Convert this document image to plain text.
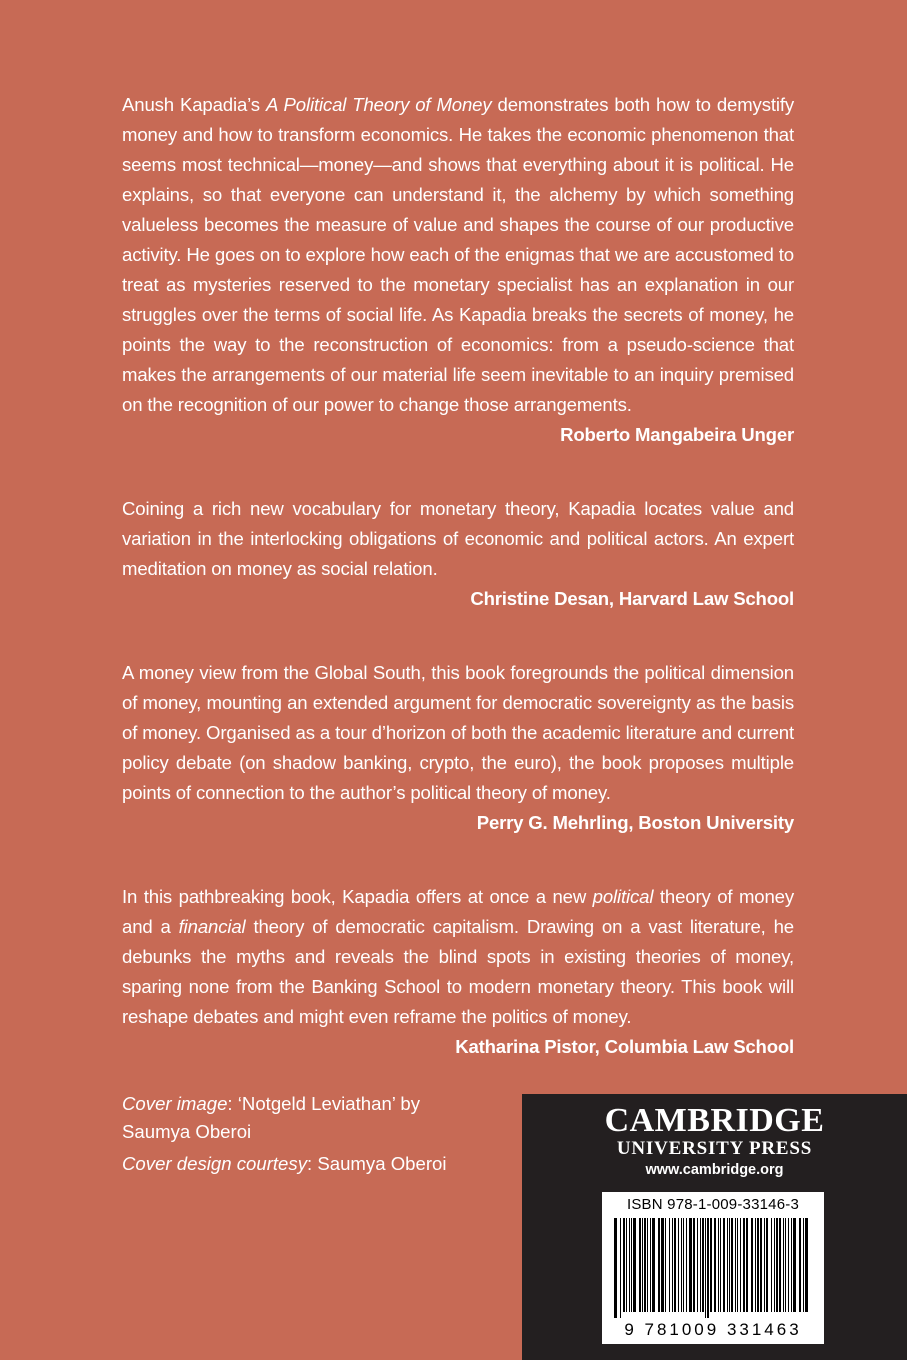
Anush Kapadia’s A Political Theory of Money demonstrates both how to demystify money and how to transform economics. He takes the economic phenomenon that seems most technical—money—and shows that everything about it is political. He explains, so that everyone can understand it, the alchemy by which something valueless becomes the measure of value and shapes the course of our productive activity. He goes on to explore how each of the enigmas that we are accustomed to treat as mysteries reserved to the monetary specialist has an explanation in our struggles over the terms of social life. As Kapadia breaks the secrets of money, he points the way to the reconstruction of economics: from a pseudo-science that makes the arrangements of our material life seem inevitable to an inquiry premised on the recognition of our power to change those arrangements.

Roberto Mangabeira Unger

Coining a rich new vocabulary for monetary theory, Kapadia locates value and variation in the interlocking obligations of economic and political actors. An expert meditation on money as social relation.

Christine Desan, Harvard Law School

A money view from the Global South, this book foregrounds the political dimension of money, mounting an extended argument for democratic sovereignty as the basis of money. Organised as a tour d’horizon of both the academic literature and current policy debate (on shadow banking, crypto, the euro), the book proposes multiple points of connection to the author’s political theory of money.

Perry G. Mehrling, Boston University

In this pathbreaking book, Kapadia offers at once a new political theory of money and a financial theory of democratic capitalism. Drawing on a vast literature, he debunks the myths and reveals the blind spots in existing theories of money, sparing none from the Banking School to modern monetary theory. This book will reshape debates and might even reframe the politics of money.

Katharina Pistor, Columbia Law School
Cover image: ‘Notgeld Leviathan’ by Saumya Oberoi
Cover design courtesy: Saumya Oberoi
CAMBRIDGE
UNIVERSITY PRESS
www.cambridge.org
ISBN 978-1-009-33146-3
9 781009 331463
